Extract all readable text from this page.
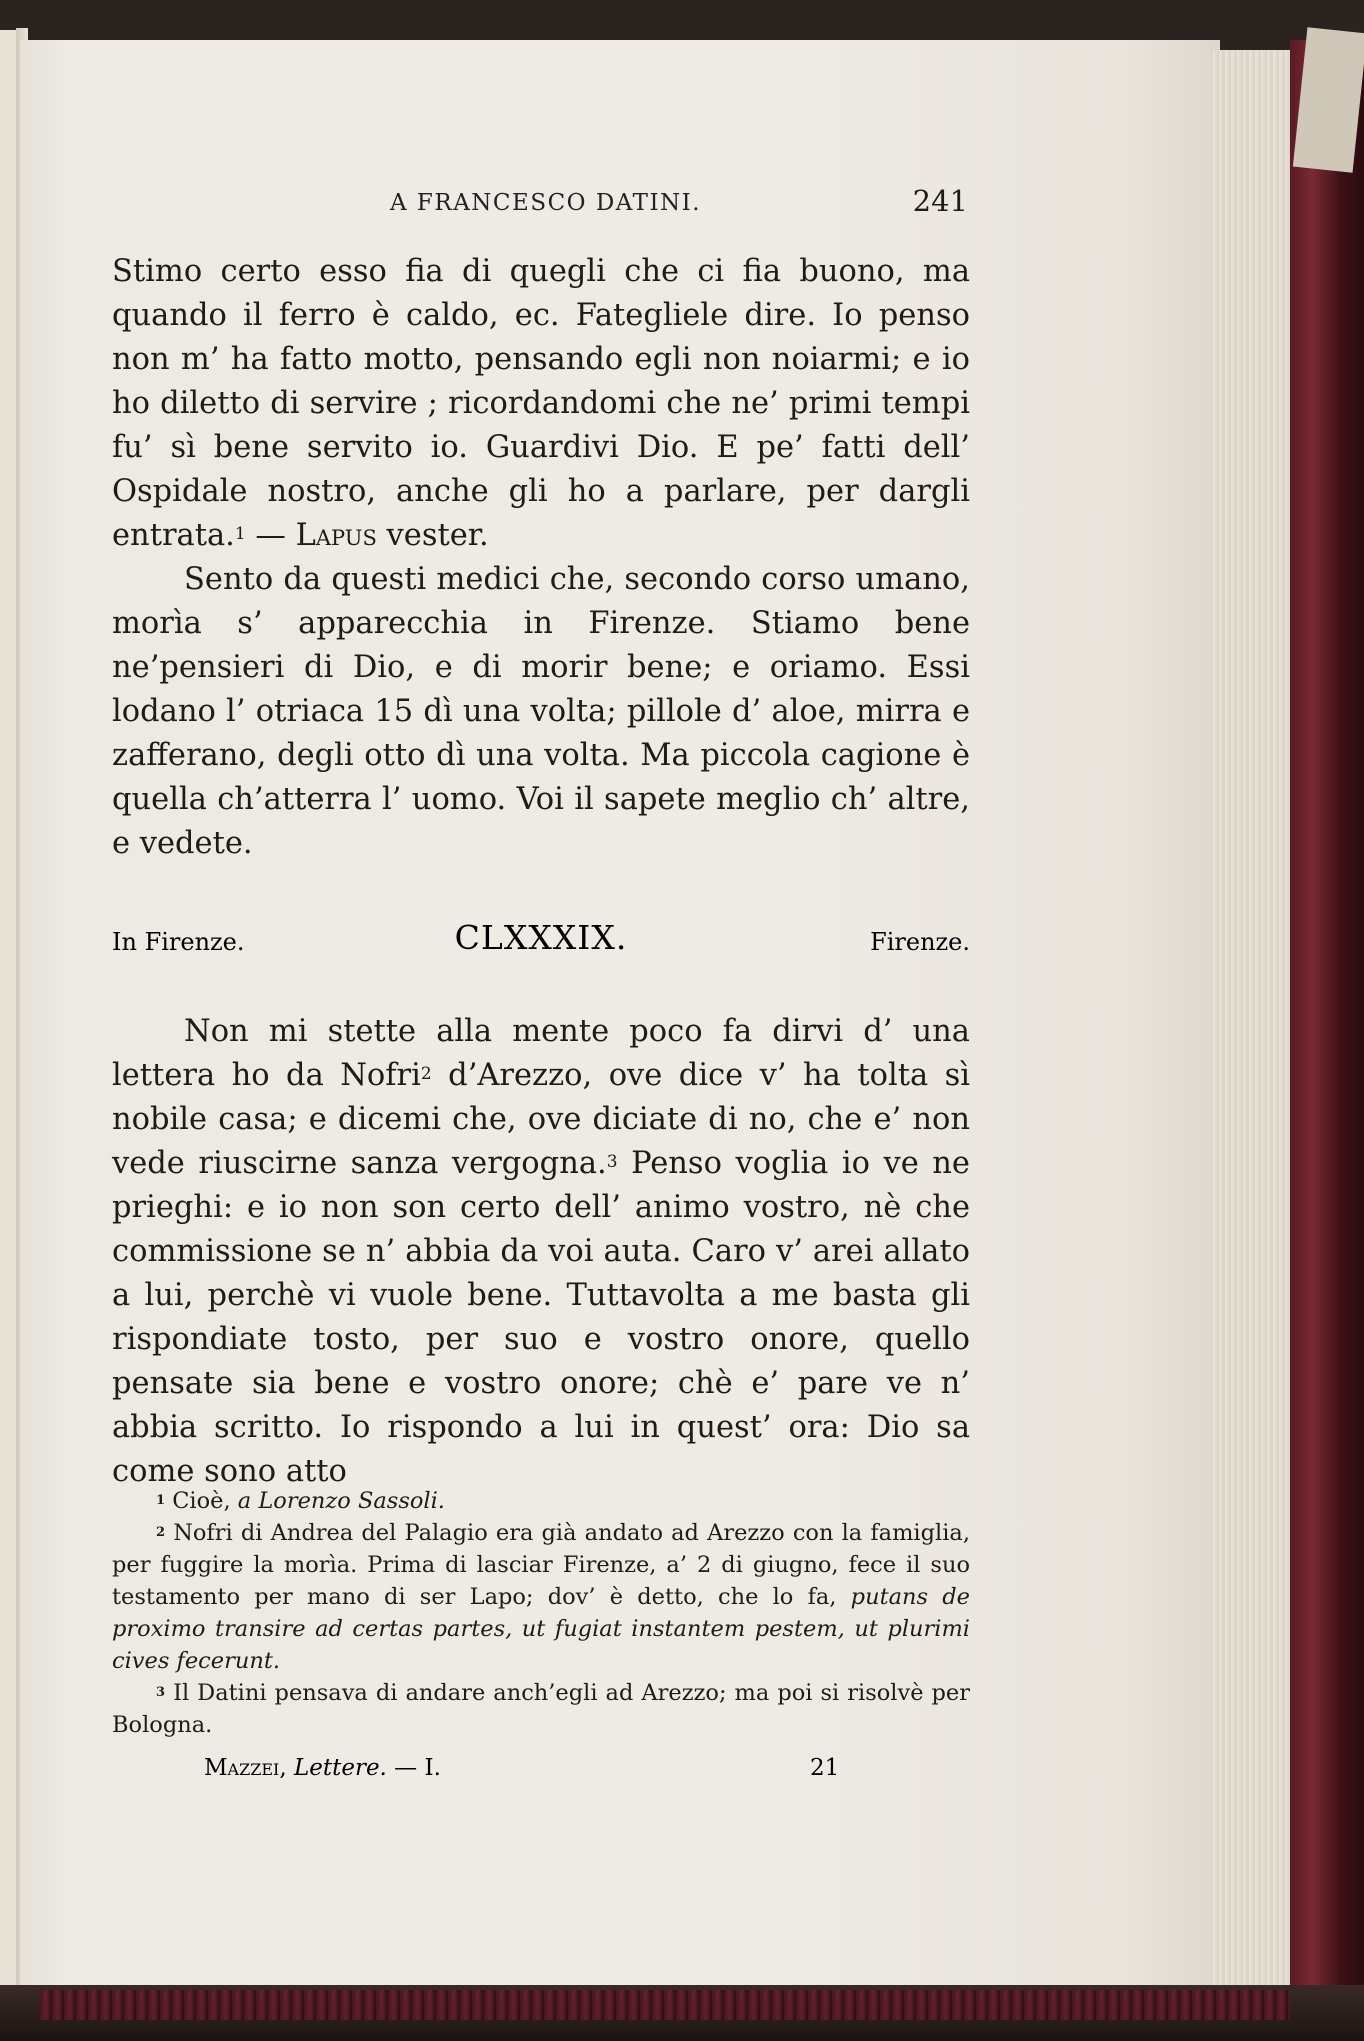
A FRANCESCO DATINI.	241

Stimo certo esso fia di quegli che ci fia buono, ma quando il ferro è caldo, ec. Fategliele dire. Io penso non m’ ha fatto motto, pensando egli non noiarmi; e io ho diletto di servire ; ricordandomi che ne’ primi tempi fu’ sì bene servito io. Guardivi Dio. E pe’ fatti dell’ Ospidale nostro, anche gli ho a parlare, per dargli entrata.$^1$ — Lapus vester.

Sento da questi medici che, secondo corso umano, morìa s’ apparecchia in Firenze. Stiamo bene ne’pensieri di Dio, e di morir bene; e oriamo. Essi lodano l’ otriaca 15 dì una volta; pillole d’ aloe, mirra e zafferano, degli otto dì una volta. Ma piccola cagione è quella ch’atterra l’ uomo. Voi il sapete meglio ch’ altre, e vedete.

In Firenze.	CLXXXIX.	Firenze.

Non mi stette alla mente poco fa dirvi d’ una lettera ho da Nofri$^2$ d’Arezzo, ove dice v’ ha tolta sì nobile casa; e dicemi che, ove diciate di no, che e’ non vede riuscirne sanza vergogna.$^3$ Penso voglia io ve ne prieghi: e io non son certo dell’ animo vostro, nè che commissione se n’ abbia da voi auta. Caro v’ arei allato a lui, perchè vi vuole bene. Tuttavolta a me basta gli rispondiate tosto, per suo e vostro onore, quello pensate sia bene e vostro onore; chè e’ pare ve n’ abbia scritto. Io rispondo a lui in quest’ ora: Dio sa come sono atto

$^1$ Cioè, a Lorenzo Sassoli.

$^2$ Nofri di Andrea del Palagio era già andato ad Arezzo con la famiglia, per fuggire la morìa. Prima di lasciar Firenze, a’ 2 di giugno, fece il suo testamento per mano di ser Lapo; dov’ è detto, che lo fa, putans de proximo transire ad certas partes, ut fugiat instantem pestem, ut plurimi cives fecerunt.

$^3$ Il Datini pensava di andare anch’egli ad Arezzo; ma poi si risolvè per Bologna.

Mazzei, Lettere. — I.	21
